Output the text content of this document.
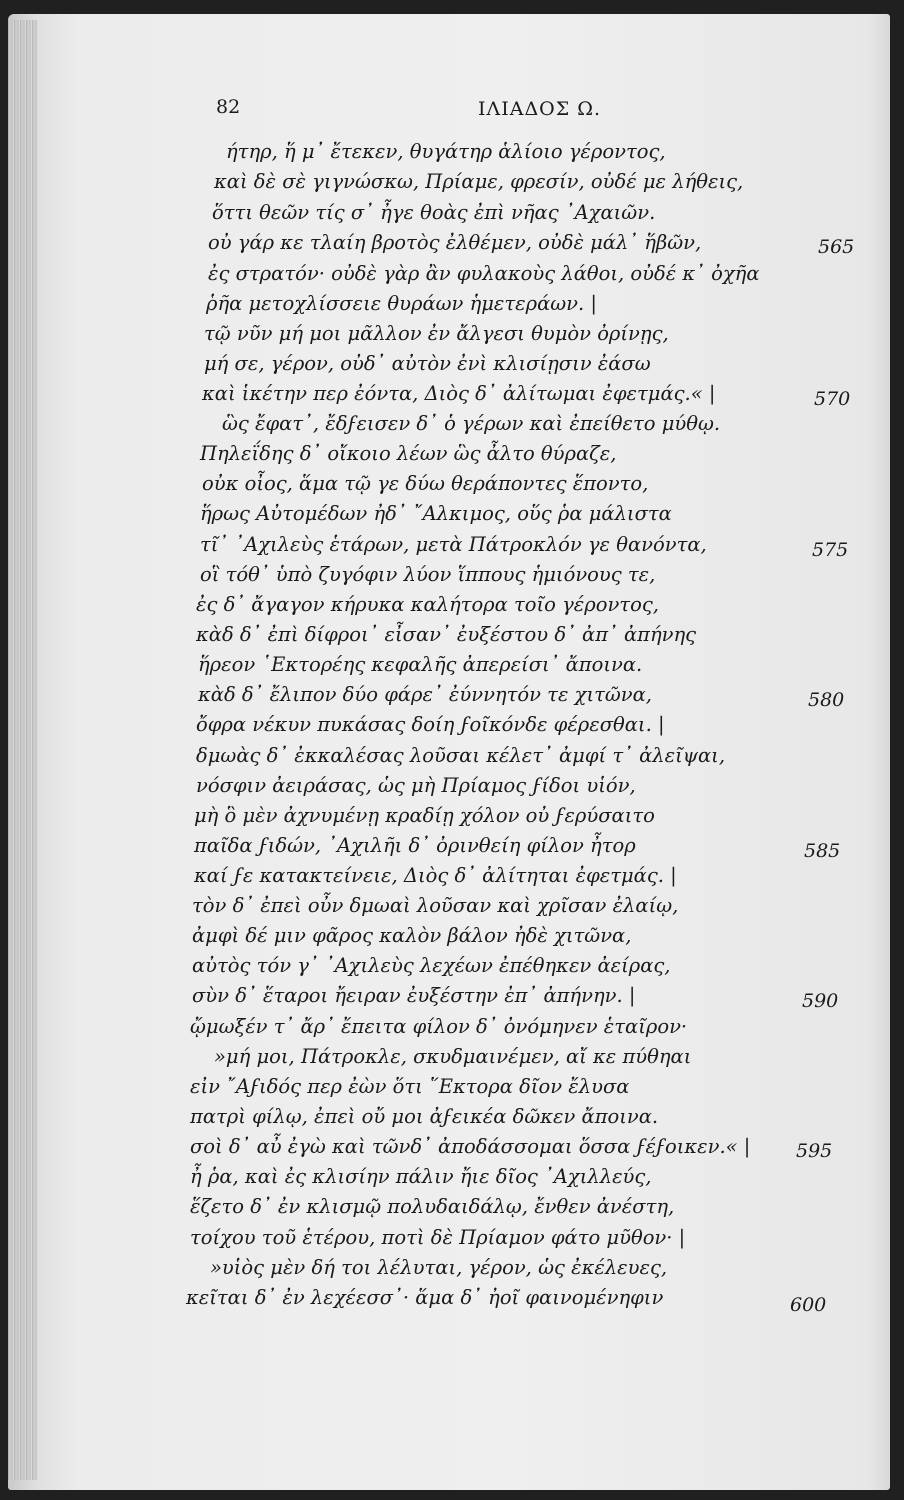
82	ΙΛΙΑΔΟΣ Ω.
ήτηρ, ἥ μ᾽ ἔτεκεν, θυγάτηρ ἁλίοιο γέροντος,
καὶ δὲ σὲ γιγνώσκω, Πρίαμε, φρεσίν, οὐδέ με λήθεις,
ὅττι θεῶν τίς σ᾽ ἦγε θοὰς ἐπὶ νῆας ᾿Αχαιῶν.
οὐ γάρ κε τλαίη βροτὸς ἐλθέμεν, οὐδὲ μάλ᾽ ἥβῶν,
ἐς στρατόν· οὐδὲ γὰρ ἂν φυλακοὺς λάθοι, οὐδέ κ᾽ ὀχῆα
ῥῆα μετοχλίσσειε θυράων ἡμετεράων. |
τῷ νῦν μή μοι μᾶλλον ἐν ἄλγεσι θυμὸν ὀρίνῃς,
μή σε, γέρον, οὐδ᾽ αὐτὸν ἐνὶ κλισίῃσιν ἐάσω
καὶ ἱκέτην περ ἐόντα, Διὸς δ᾽ ἀλίτωμαι ἐφετμάς.« |
ὣς ἔφατ᾽, ἔδϝεισεν δ᾽ ὁ γέρων καὶ ἐπείθετο μύθῳ.
Πηλεΐδης δ᾽ οἴκοιο λέων ὣς ἆλτο θύραζε,
οὐκ οἶος, ἅμα τῷ γε δύω θεράποντες ἕποντο,
ἥρως Αὐτομέδων ἠδ᾽ ῎Αλκιμος, οὕς ῥα μάλιστα
τῖ᾽ ᾿Αχιλεὺς ἑτάρων, μετὰ Πάτροκλόν γε θανόντα,
οἳ τόθ᾽ ὑπὸ ζυγόφιν λύον ἵππους ἡμιόνους τε,
ἐς δ᾽ ἄγαγον κήρυκα καλήτορα τοῖο γέροντος,
κὰδ δ᾽ ἐπὶ δίφροι᾽ εἶσαν᾽ ἐυξέστου δ᾽ ἀπ᾽ ἀπήνης
ἥρεον ῾Εκτορέης κεφαλῆς ἀπερείσι᾽ ἄποινα.
κὰδ δ᾽ ἔλιπον δύο φάρε᾽ ἐύννητόν τε χιτῶνα,
ὄφρα νέκυν πυκάσας δοίη ϝοῖκόνδε φέρεσθαι. |
δμωὰς δ᾽ ἐκκαλέσας λοῦσαι κέλετ᾽ ἀμφί τ᾽ ἀλεῖψαι,
νόσφιν ἀειράσας, ὡς μὴ Πρίαμος ϝίδοι υἱόν,
μὴ ὃ μὲν ἀχνυμένῃ κραδίῃ χόλον οὐ ϝερύσαιτο
παῖδα ϝιδών, ᾿Αχιλῆι δ᾽ ὀρινθείη φίλον ἦτορ
καί ϝε κατακτείνειε, Διὸς δ᾽ ἀλίτηται ἐφετμάς. |
τὸν δ᾽ ἐπεὶ οὖν δμωαὶ λοῦσαν καὶ χρῖσαν ἐλαίῳ,
ἀμφὶ δέ μιν φᾶρος καλὸν βάλον ἠδὲ χιτῶνα,
αὐτὸς τόν γ᾽ ᾿Αχιλεὺς λεχέων ἐπέθηκεν ἀείρας,
σὺν δ᾽ ἕταροι ἤειραν ἐυξέστην ἐπ᾽ ἀπήνην. |
ᾤμωξέν τ᾽ ἄρ᾽ ἔπειτα φίλον δ᾽ ὀνόμηνεν ἑταῖρον·
»μή μοι, Πάτροκλε, σκυδμαινέμεν, αἴ κε πύθηαι
εἰν ῎Αϝιδός περ ἐὼν ὅτι ῞Εκτορα δῖον ἔλυσα
πατρὶ φίλῳ, ἐπεὶ οὔ μοι ἀϝεικέα δῶκεν ἄποινα.
σοὶ δ᾽ αὖ ἐγὼ καὶ τῶνδ᾽ ἀποδάσσομαι ὅσσα ϝέϝοικεν.« |
ἦ ῥα, καὶ ἐς κλισίην πάλιν ἤιε δῖος ᾿Αχιλλεύς,
ἕζετο δ᾽ ἐν κλισμῷ πολυδαιδάλῳ, ἔνθεν ἀνέστη,
τοίχου τοῦ ἑτέρου, ποτὶ δὲ Πρίαμον φάτο μῦθον· |
»υἱὸς μὲν δή τοι λέλυται, γέρον, ὡς ἐκέλευες,
κεῖται δ᾽ ἐν λεχέεσσ᾽· ἅμα δ᾽ ἠοῖ φαινομένηφιν
565
570
575
580
585
590
595
600
